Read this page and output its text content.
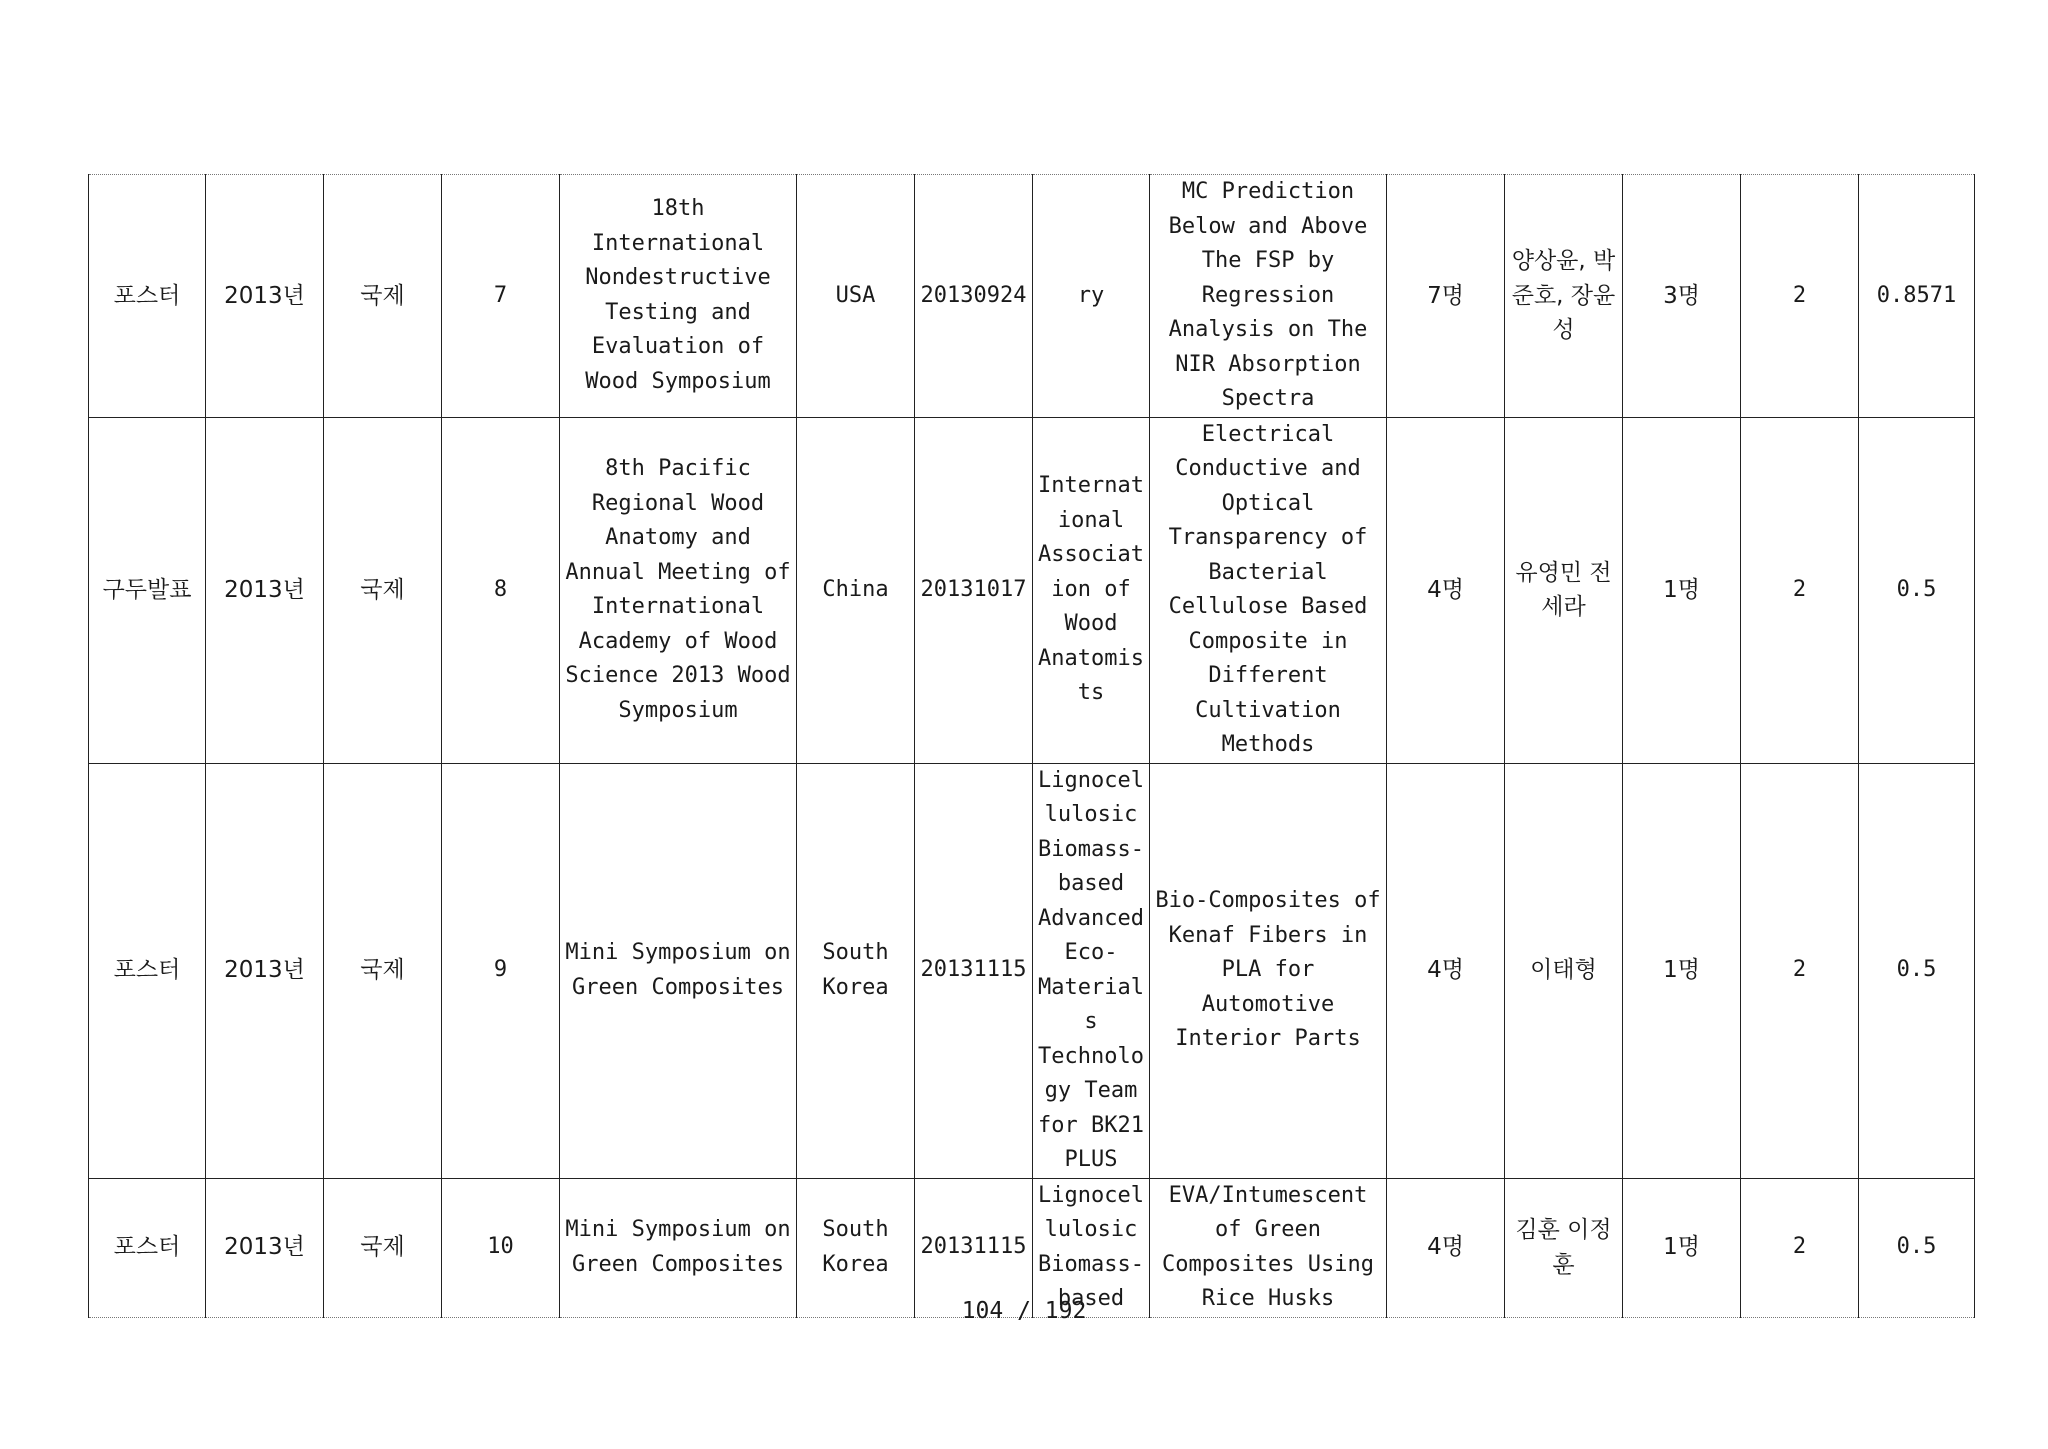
포스터	2013년	국제	7	18th International Nondestructive Testing and Evaluation of Wood Symposium	USA	20130924	ry	MC Prediction Below and Above The FSP by Regression Analysis on The NIR Absorption Spectra	7명	양상윤, 박준호, 장윤성	3명	2	0.8571
구두발표	2013년	국제	8	8th Pacific Regional Wood Anatomy and Annual Meeting of International Academy of Wood Science 2013 Wood Symposium	China	20131017	International Association of Wood Anatomists	Electrical Conductive and Optical Transparency of Bacterial Cellulose Based Composite in Different Cultivation Methods	4명	유영민 전세라	1명	2	0.5
포스터	2013년	국제	9	Mini Symposium on Green Composites	South Korea	20131115	Lignocellulosic Biomass-based Advanced Eco-Materials Technology Team for BK21 PLUS	Bio-Composites of Kenaf Fibers in PLA for Automotive Interior Parts	4명	이태형	1명	2	0.5
포스터	2013년	국제	10	Mini Symposium on Green Composites	South Korea	20131115	Lignocellulosic Biomass-based	EVA/Intumescent of Green Composites Using Rice Husks	4명	김훈 이정훈	1명	2	0.5
104 / 192
